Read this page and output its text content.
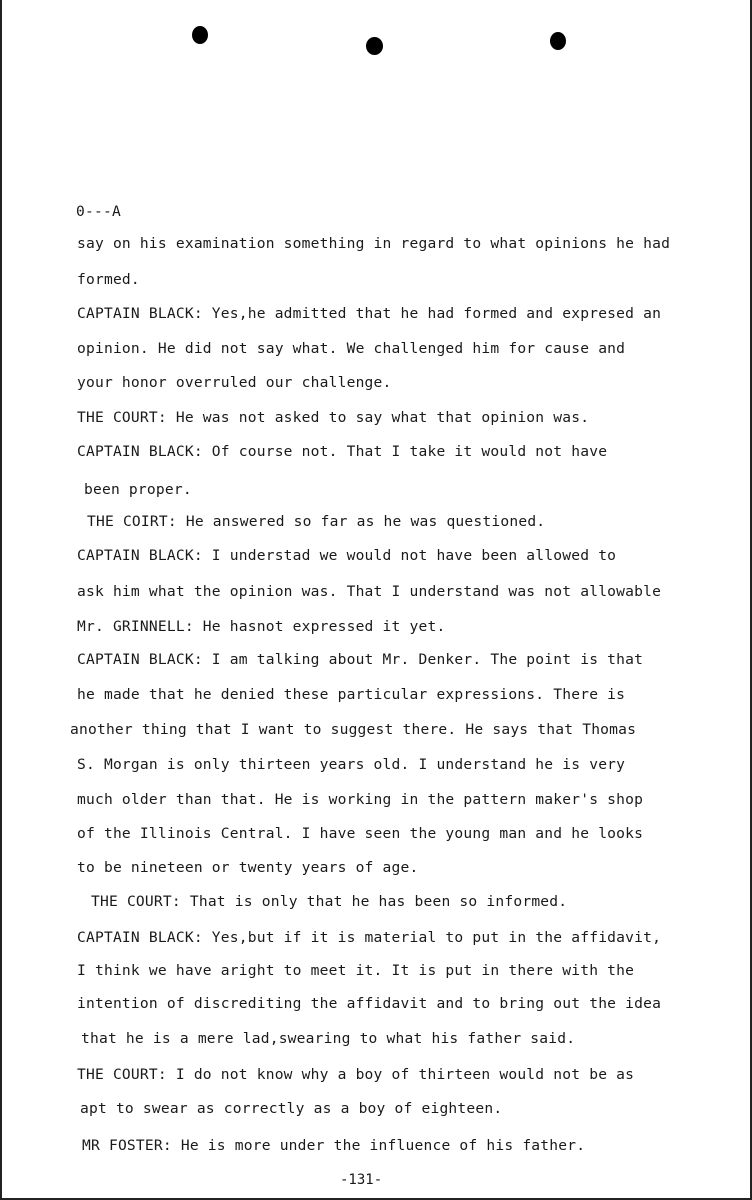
0---A
say on his examination something in regard to what opinions he had
formed.
CAPTAIN BLACK: Yes,he admitted that he had formed and expresed an
opinion. He did not say what. We challenged him for cause and
your honor overruled our challenge.
THE COURT: He was not asked to say what that opinion was.
CAPTAIN BLACK: Of course not. That I take it would not have
been proper.
THE COIRT: He answered so far as he was questioned.
CAPTAIN BLACK: I understad we would not have been allowed to
ask him what the opinion was. That I understand was not allowable
Mr. GRINNELL: He hasnot expressed it yet.
CAPTAIN BLACK: I am talking about Mr. Denker. The point is that
he made that he denied these particular expressions. There is
another thing that I want to suggest there. He says that Thomas
S. Morgan is only thirteen years old. I understand he is very
much older than that. He is working in the pattern maker's shop
of the Illinois Central. I have seen the young man and he looks
to be nineteen or twenty years of age.
THE COURT: That is only that he has been so informed.
CAPTAIN BLACK: Yes,but if it is material to put in the affidavit,
I think we have aright to meet it. It is put in there with the
intention of discrediting the affidavit and to bring out the idea
that he is a mere lad,swearing to what his father said.
THE COURT: I do not know why a boy of thirteen would not be as
apt to swear as correctly as a boy of eighteen.
MR FOSTER: He is more under the influence of his father.
-131-
